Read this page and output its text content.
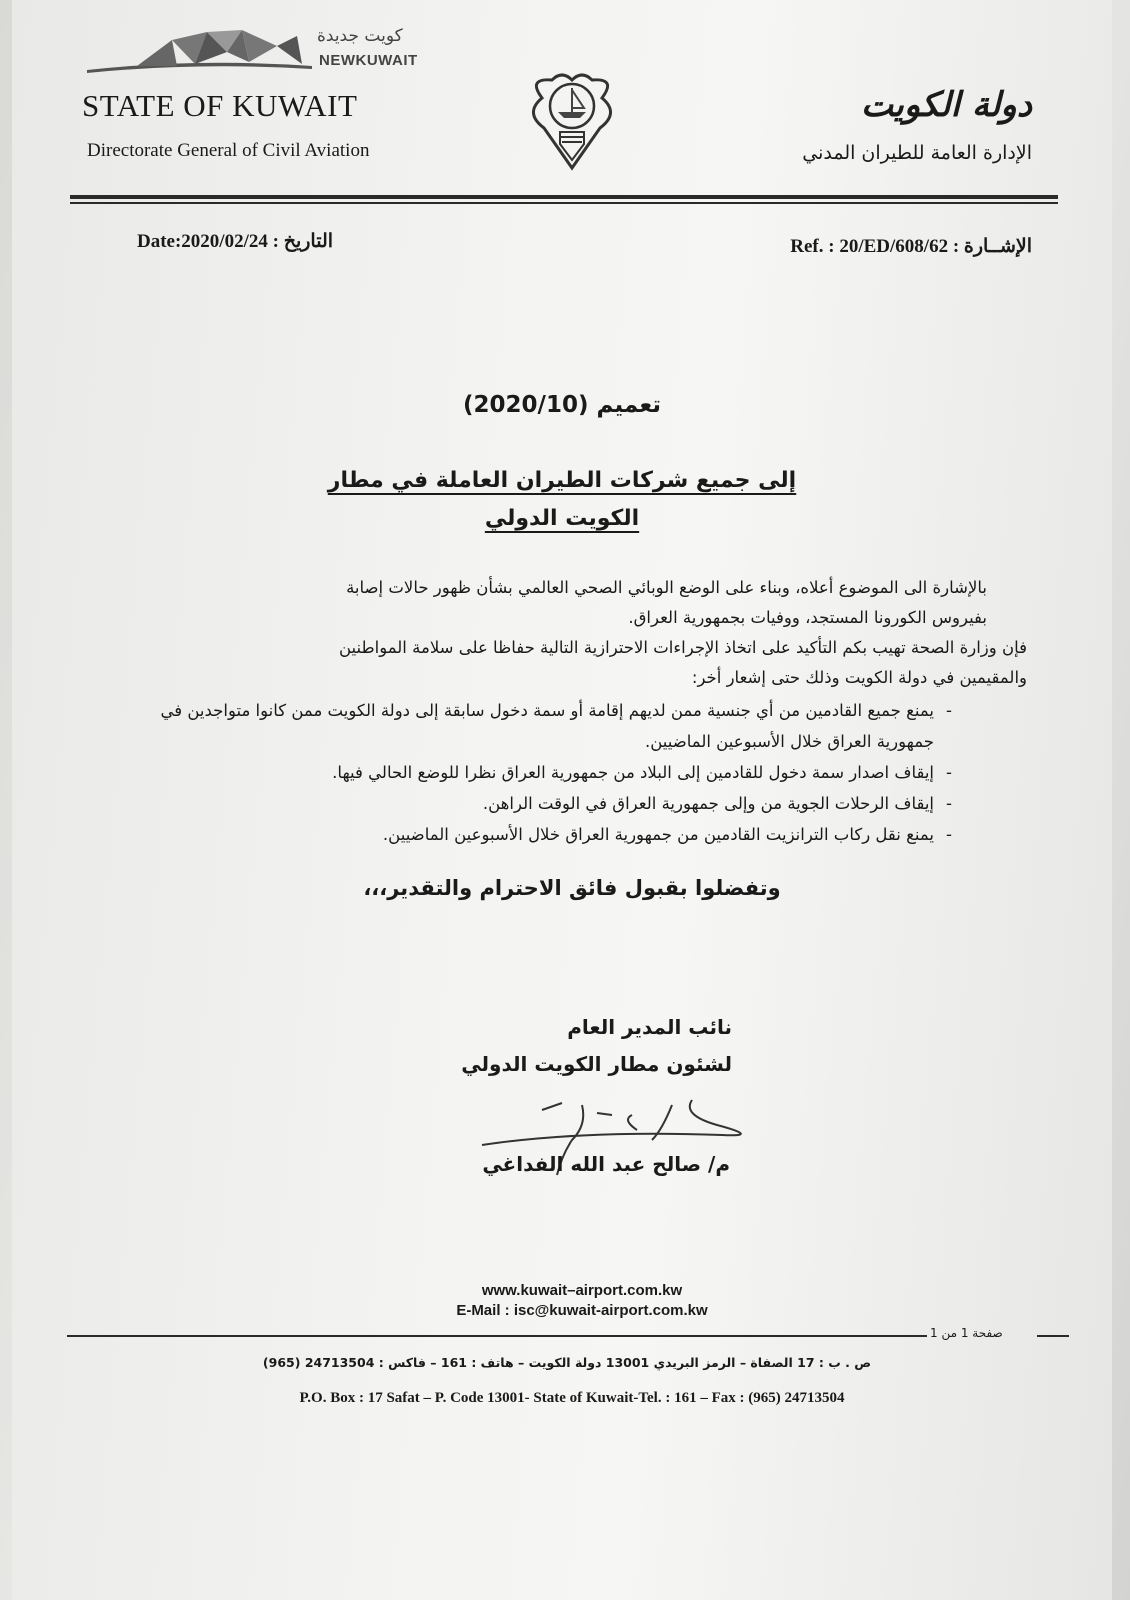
كويت جديدة
NEWKUWAIT
STATE OF KUWAIT
Directorate General of Civil Aviation
دولة الكويت
الإدارة العامة للطيران المدني
Date:2020/02/24 : التاريخ	الإشــارة : Ref. : 20/ED/608/62
تعميم (2020/10)
إلى جميع شركات الطيران العاملة في مطار
الكويت الدولي

بالإشارة الى الموضوع أعلاه، وبناء على الوضع الوبائي الصحي العالمي بشأن ظهور حالات إصابة

بفيروس الكورونا المستجد، ووفيات بجمهورية العراق.

فإن وزارة الصحة تهيب بكم التأكيد على اتخاذ الإجراءات الاحترازية التالية حفاظا على سلامة المواطنين

والمقيمين في دولة الكويت وذلك حتى إشعار أخر:

- يمنع جميع القادمين من أي جنسية ممن لديهم إقامة أو سمة دخول سابقة إلى دولة الكويت ممن كانوا متواجدين في جمهورية العراق خلال الأسبوعين الماضيين.
- إيقاف اصدار سمة دخول للقادمين إلى البلاد من جمهورية العراق نظرا للوضع الحالي فيها.
- إيقاف الرحلات الجوية من وإلى جمهورية العراق في الوقت الراهن.
- يمنع نقل ركاب الترانزيت القادمين من جمهورية العراق خلال الأسبوعين الماضيين.
وتفضلوا بقبول فائق الاحترام والتقدير،،،
نائب المدير العام
لشئون مطار الكويت الدولي
م/ صالح عبد الله الفداغي
www.kuwait–airport.com.kw
E-Mail : isc@kuwait-airport.com.kw
صفحة 1 من 1
ص . ب : 17 الصفاة – الرمز البريدي 13001 دولة الكويت – هاتف : 161 – فاكس : 24713504 (965)
P.O. Box : 17 Safat – P. Code 13001- State of Kuwait-Tel. : 161 – Fax : (965) 24713504
